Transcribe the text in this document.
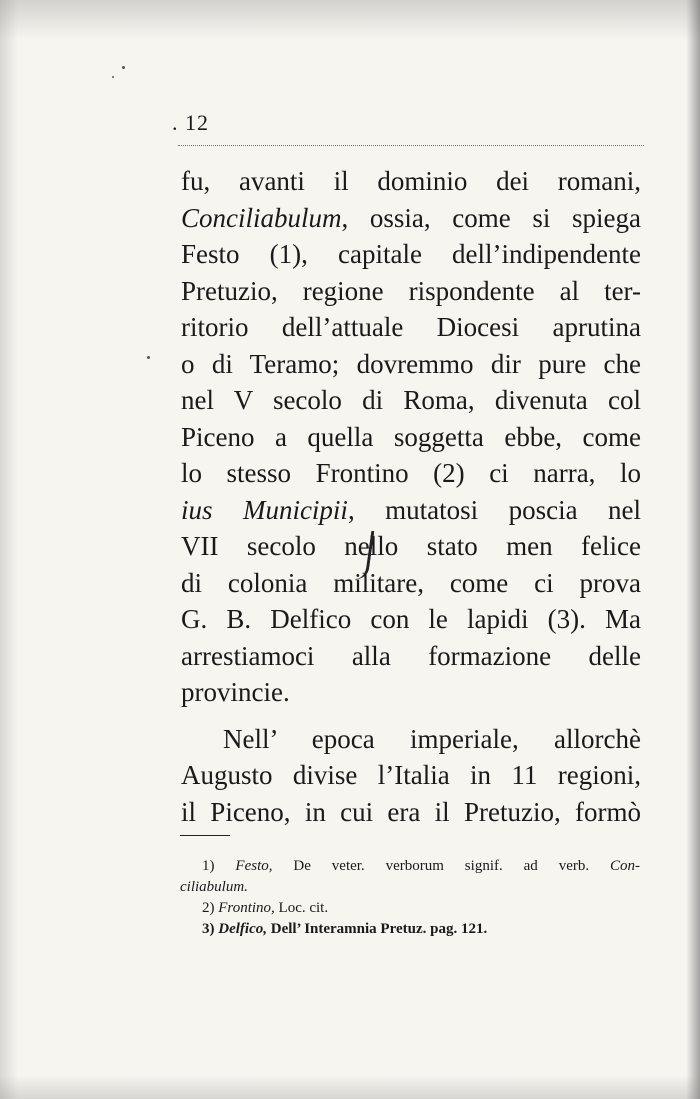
. 12
fu, avanti il dominio dei romani,
Conciliabulum, ossia, come si spiega
Festo (1), capitale dell’indipendente
Pretuzio, regione rispondente al ter-
ritorio dell’attuale Diocesi aprutina
o di Teramo; dovremmo dir pure che
nel V secolo di Roma, divenuta col
Piceno a quella soggetta ebbe, come
lo stesso Frontino (2) ci narra, lo
ius Municipii, mutatosi poscia nel
VII secolo nello stato men felice
di colonia militare, come ci prova
G. B. Delfico con le lapidi (3). Ma
arrestiamoci alla formazione delle
provincie.
Nell’ epoca imperiale, allorchè
Augusto divise l’Italia in 11 regioni,
il Piceno, in cui era il Pretuzio, formò
1) Festo, De veter. verborum signif. ad verb. Con-
ciliabulum.
2) Frontino, Loc. cit.
3) Delfico, Dell’ Interamnia Pretuz. pag. 121.
